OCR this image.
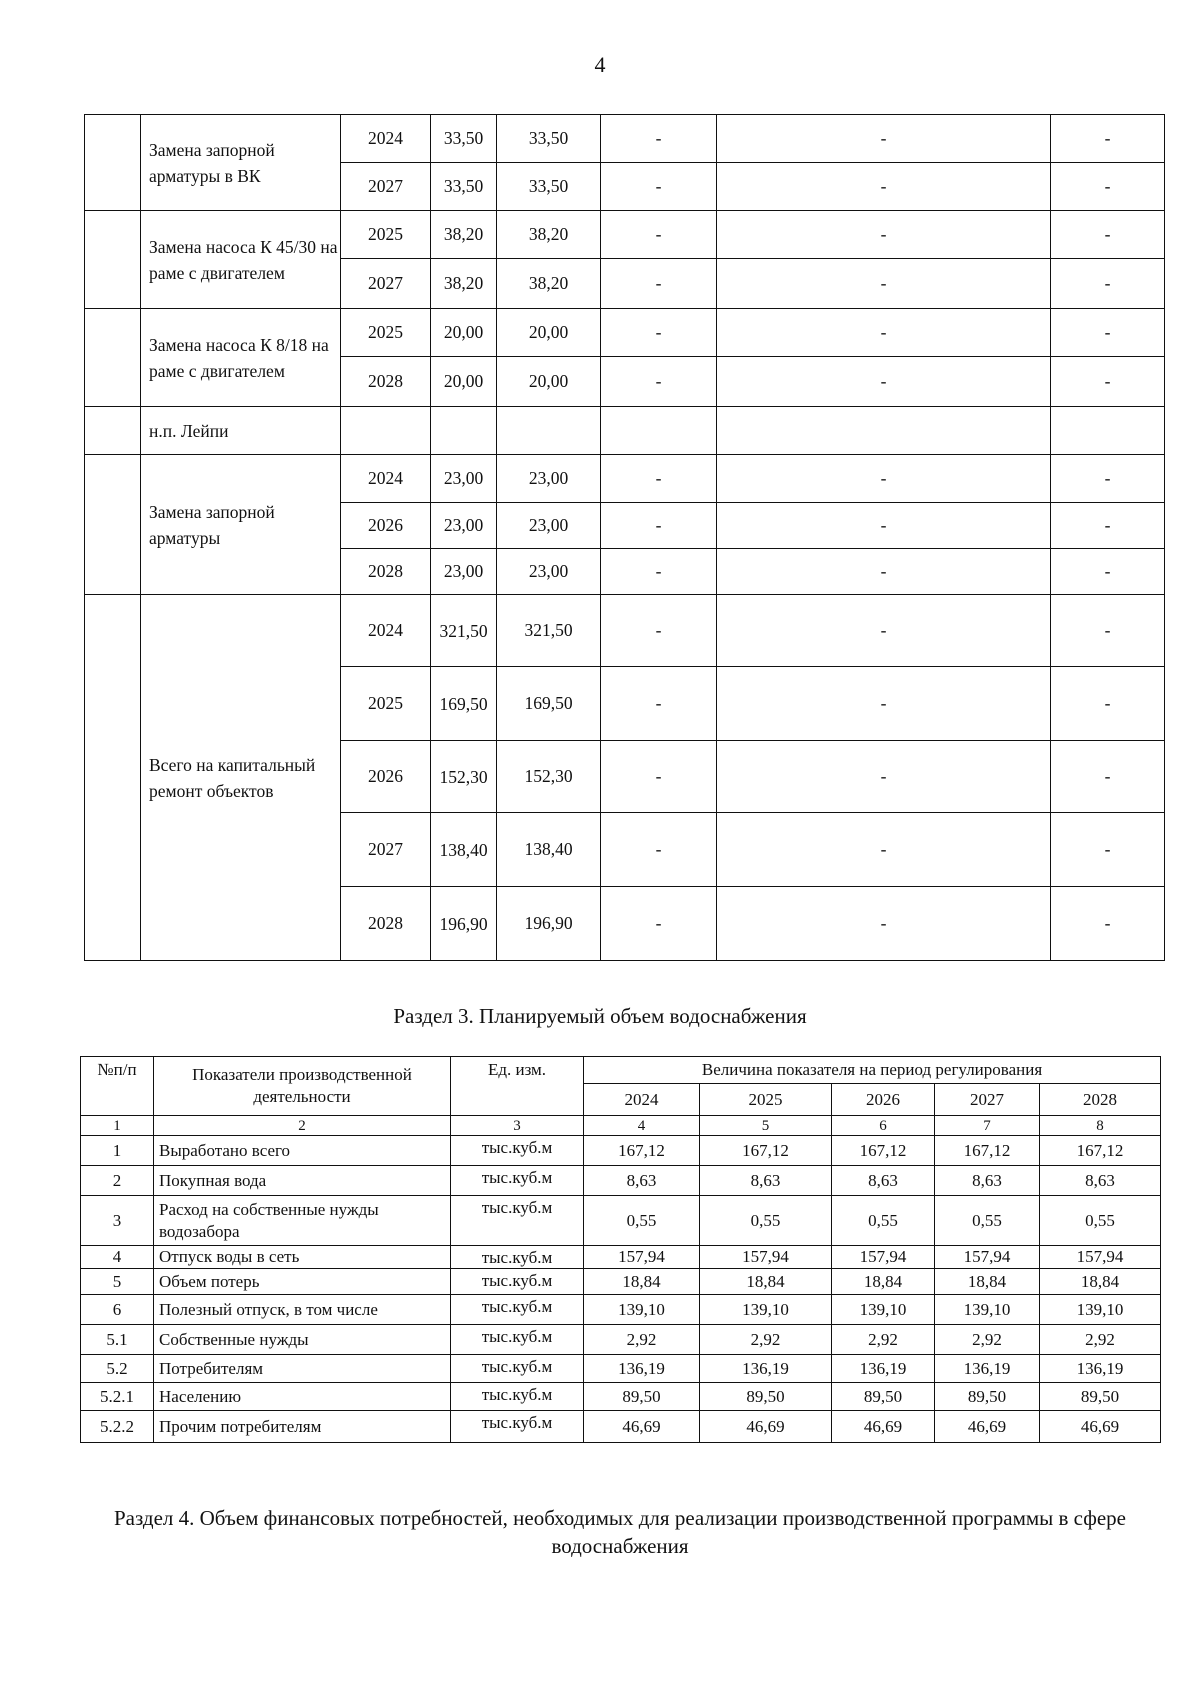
4
	Замена запорной арматуры в ВК	2024	33,50	33,50	-	-	-
		2027	33,50	33,50	-	-	-
	Замена насоса К 45/30 на раме с двигателем	2025	38,20	38,20	-	-	-
		2027	38,20	38,20	-	-	-
	Замена насоса К 8/18 на раме с двигателем	2025	20,00	20,00	-	-	-
		2028	20,00	20,00	-	-	-
	н.п. Лейпи						
	Замена запорной арматуры	2024	23,00	23,00	-	-	-
		2026	23,00	23,00	-	-	-
		2028	23,00	23,00	-	-	-
	Всего на капитальный ремонт объектов	2024	321,50	321,50	-	-	-
		2025	169,50	169,50	-	-	-
		2026	152,30	152,30	-	-	-
		2027	138,40	138,40	-	-	-
		2028	196,90	196,90	-	-	-
Раздел 3. Планируемый объем водоснабжения
№п/п	Показатели производственной деятельности	Ед. изм.	Величина показателя на период регулирования				
			2024	2025	2026	2027	2028
1	2	3	4	5	6	7	8
1	Выработано всего	тыс.куб.м	167,12	167,12	167,12	167,12	167,12
2	Покупная вода	тыс.куб.м	8,63	8,63	8,63	8,63	8,63
3	Расход на собственные нужды водозабора	тыс.куб.м	0,55	0,55	0,55	0,55	0,55
4	Отпуск воды в сеть	тыс.куб.м	157,94	157,94	157,94	157,94	157,94
5	Объем потерь	тыс.куб.м	18,84	18,84	18,84	18,84	18,84
6	Полезный отпуск, в том числе	тыс.куб.м	139,10	139,10	139,10	139,10	139,10
5.1	Собственные нужды	тыс.куб.м	2,92	2,92	2,92	2,92	2,92
5.2	Потребителям	тыс.куб.м	136,19	136,19	136,19	136,19	136,19
5.2.1	Населению	тыс.куб.м	89,50	89,50	89,50	89,50	89,50
5.2.2	Прочим потребителям	тыс.куб.м	46,69	46,69	46,69	46,69	46,69
Раздел 4. Объем финансовых потребностей, необходимых для реализации производственной программы в сфере водоснабжения
